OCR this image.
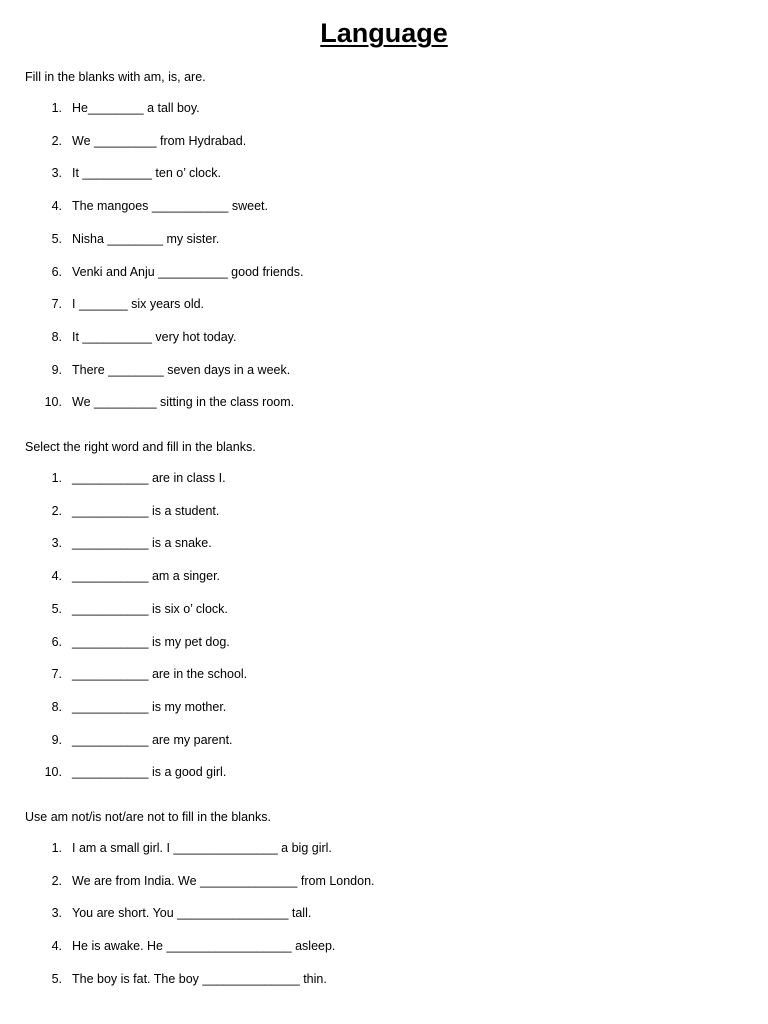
Language
Fill in the blanks with am, is, are.
1. He________ a tall boy.
2. We _________ from Hydrabad.
3. It __________ ten o’ clock.
4. The mangoes ___________ sweet.
5. Nisha ________ my sister.
6. Venki and Anju __________ good friends.
7. I _______ six years old.
8. It __________ very hot today.
9. There ________ seven days in a week.
10. We _________ sitting in the class room.
Select the right word and fill in the blanks.
1. ___________ are in class I.
2. ___________ is a student.
3. ___________ is a snake.
4. ___________ am a singer.
5. ___________ is six o’ clock.
6. ___________ is my pet dog.
7. ___________ are in the school.
8. ___________ is my mother.
9. ___________ are my parent.
10. ___________ is a good girl.
Use am not/is not/are not to fill in the blanks.
1. I am a small girl. I _______________ a big girl.
2. We are from India. We ______________ from London.
3. You are short. You ________________ tall.
4. He is awake. He __________________ asleep.
5. The boy is fat. The boy ______________ thin.
